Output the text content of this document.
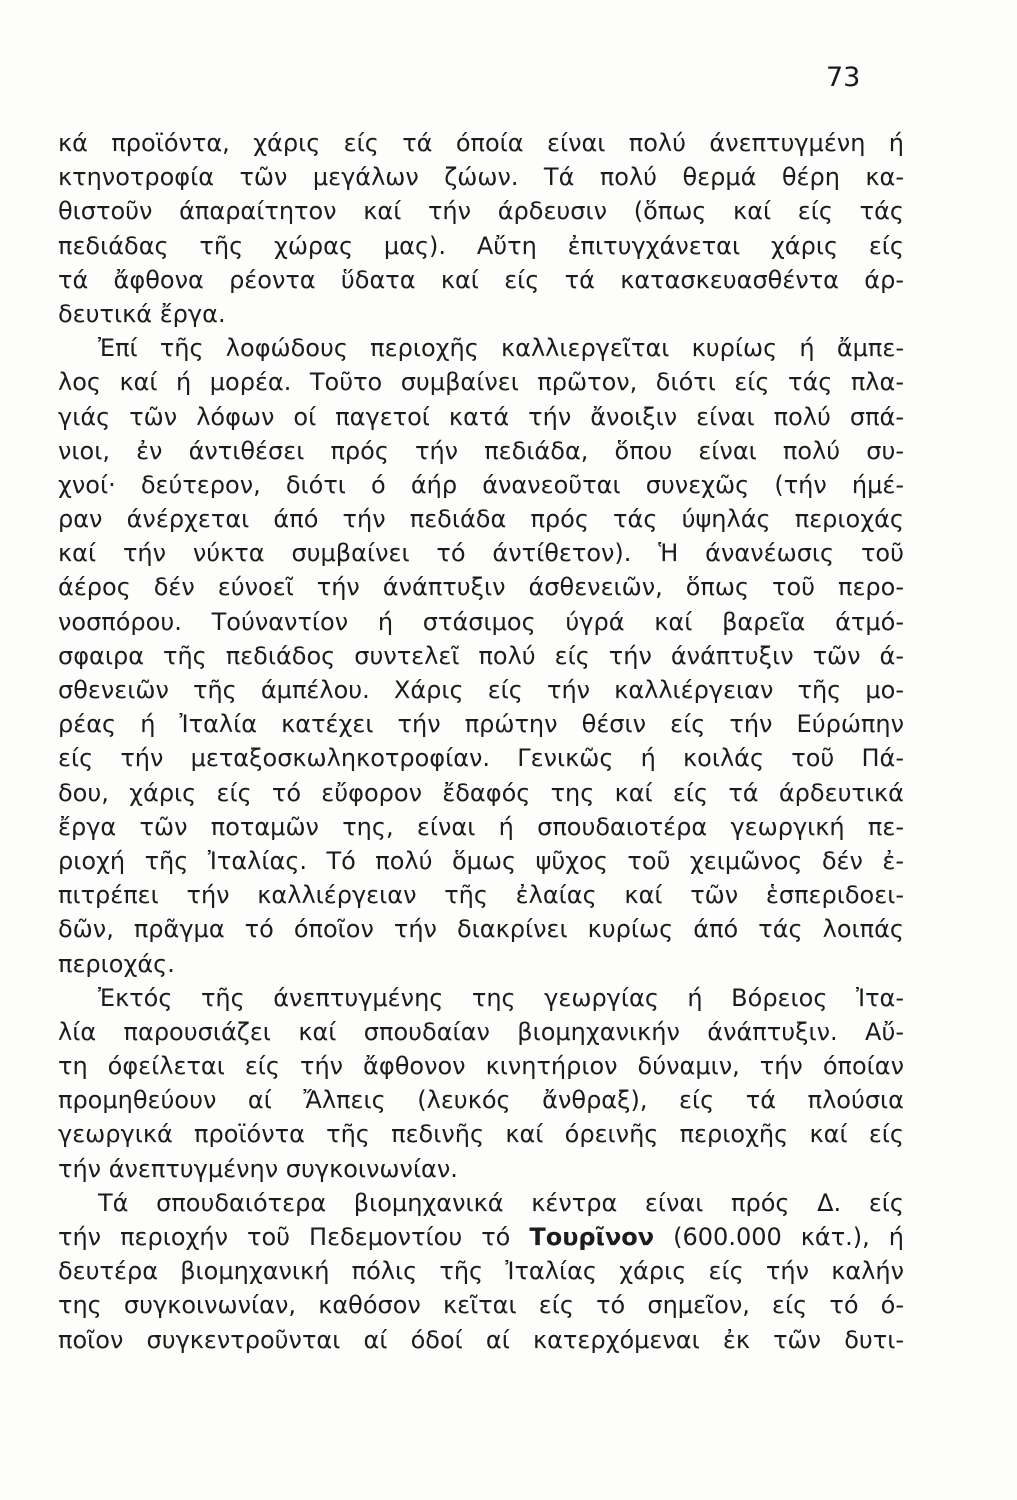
73
κά προϊόντα, χάρις είς τά όποία είναι πολύ άνεπτυγμένη ή
κτηνοτροφία τῶν μεγάλων ζώων. Τά πολύ θερμά θέρη κα-
θιστοῦν άπαραίτητον καί τήν άρδευσιν (ὅπως καί είς τάς
πεδιάδας τῆς χώρας μας). Αὔτη ἐπιτυγχάνεται χάρις είς
τά ἄφθονα ρέοντα ὕδατα καί είς τά κατασκευασθέντα άρ-
δευτικά ἔργα.
Ἐπί τῆς λοφώδους περιοχῆς καλλιεργεῖται κυρίως ή ἄμπε-
λος καί ή μορέα. Τοῦτο συμβαίνει πρῶτον, διότι είς τάς πλα-
γιάς τῶν λόφων οί παγετοί κατά τήν ἄνοιξιν είναι πολύ σπά-
νιοι, ἐν άντιθέσει πρός τήν πεδιάδα, ὅπου είναι πολύ συ-
χνοί· δεύτερον, διότι ό άήρ άνανεοῦται συνεχῶς (τήν ήμέ-
ραν άνέρχεται άπό τήν πεδιάδα πρός τάς ύψηλάς περιοχάς
καί τήν νύκτα συμβαίνει τό άντίθετον). Ἡ άνανέωσις τοῦ
άέρος δέν εύνοεῖ τήν άνάπτυξιν άσθενειῶν, ὅπως τοῦ περο-
νοσπόρου. Τούναντίον ή στάσιμος ύγρά καί βαρεῖα άτμό-
σφαιρα τῆς πεδιάδος συντελεῖ πολύ είς τήν άνάπτυξιν τῶν ά-
σθενειῶν τῆς άμπέλου. Χάρις είς τήν καλλιέργειαν τῆς μο-
ρέας ή Ἰταλία κατέχει τήν πρώτην θέσιν είς τήν Εύρώπην
είς τήν μεταξοσκωληκοτροφίαν. Γενικῶς ή κοιλάς τοῦ Πά-
δου, χάρις είς τό εὔφορον ἔδαφός της καί είς τά άρδευτικά
ἔργα τῶν ποταμῶν της, είναι ή σπουδαιοτέρα γεωργική πε-
ριοχή τῆς Ἰταλίας. Τό πολύ ὅμως ψῦχος τοῦ χειμῶνος δέν ἐ-
πιτρέπει τήν καλλιέργειαν τῆς ἐλαίας καί τῶν ἑσπεριδοει-
δῶν, πρᾶγμα τό όποῖον τήν διακρίνει κυρίως άπό τάς λοιπάς
περιοχάς.
Ἐκτός τῆς άνεπτυγμένης της γεωργίας ή Βόρειος Ἰτα-
λία παρουσιάζει καί σπουδαίαν βιομηχανικήν άνάπτυξιν. Αὔ-
τη όφείλεται είς τήν ἄφθονον κινητήριον δύναμιν, τήν όποίαν
προμηθεύουν αί Ἄλπεις (λευκός ἄνθραξ), είς τά πλούσια
γεωργικά προϊόντα τῆς πεδινῆς καί όρεινῆς περιοχῆς καί είς
τήν άνεπτυγμένην συγκοινωνίαν.
Τά σπουδαιότερα βιομηχανικά κέντρα είναι πρός Δ. είς
τήν περιοχήν τοῦ Πεδεμοντίου τό Τουρῖνον (600.000 κάτ.), ή
δευτέρα βιομηχανική πόλις τῆς Ἰταλίας χάρις είς τήν καλήν
της συγκοινωνίαν, καθόσον κεῖται είς τό σημεῖον, είς τό ό-
ποῖον συγκεντροῦνται αί όδοί αί κατερχόμεναι ἐκ τῶν δυτι-
